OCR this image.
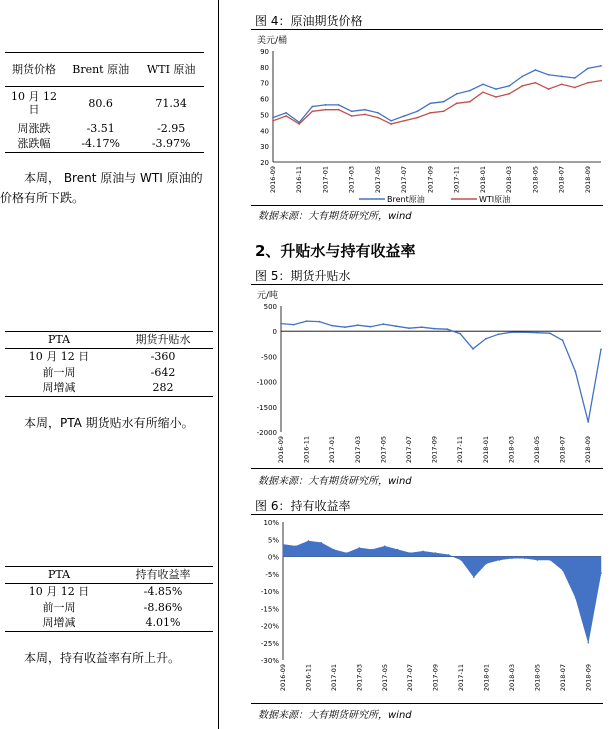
期货价格	Brent 原油	WTI 原油
10 月 12 日	80.6	71.34
周涨跌	-3.51	-2.95
涨跌幅	-4.17%	-3.97%
本周， Brent 原油与 WTI 原油的价格有所下跌。
PTA	期货升贴水
10 月 12 日	-360
前一周	-642
周增减	282
本周，PTA 期货贴水有所缩小。
PTA	持有收益率
10 月 12 日	-4.85%
前一周	-8.86%
周增减	4.01%
本周，持有收益率有所上升。
图 4：原油期货价格
美元/桶
20
30
40
50
60
70
80
90
2016-09	2016-11	2017-01	2017-03	2017-05	2017-07	2017-09	2017-11	2018-01	2018-03	2018-05	2018-07	2018-09
Brent原油	WTI原油
数据来源：大有期货研究所，wind
2、升贴水与持有收益率
图 5：期货升贴水
元/吨
-2000
-1500
-1000
-500
0
500
2016-09	2016-11	2017-01	2017-03	2017-05	2017-07	2017-09	2017-11	2018-01	2018-03	2018-05	2018-07	2018-09
数据来源：大有期货研究所，wind
图 6：持有收益率
-30%
-25%
-20%
-15%
-10%
-5%
0%
5%
10%
2016-09	2016-11	2017-01	2017-03	2017-05	2017-07	2017-09	2017-11	2018-01	2018-03	2018-05	2018-07	2018-09
数据来源：大有期货研究所，wind
